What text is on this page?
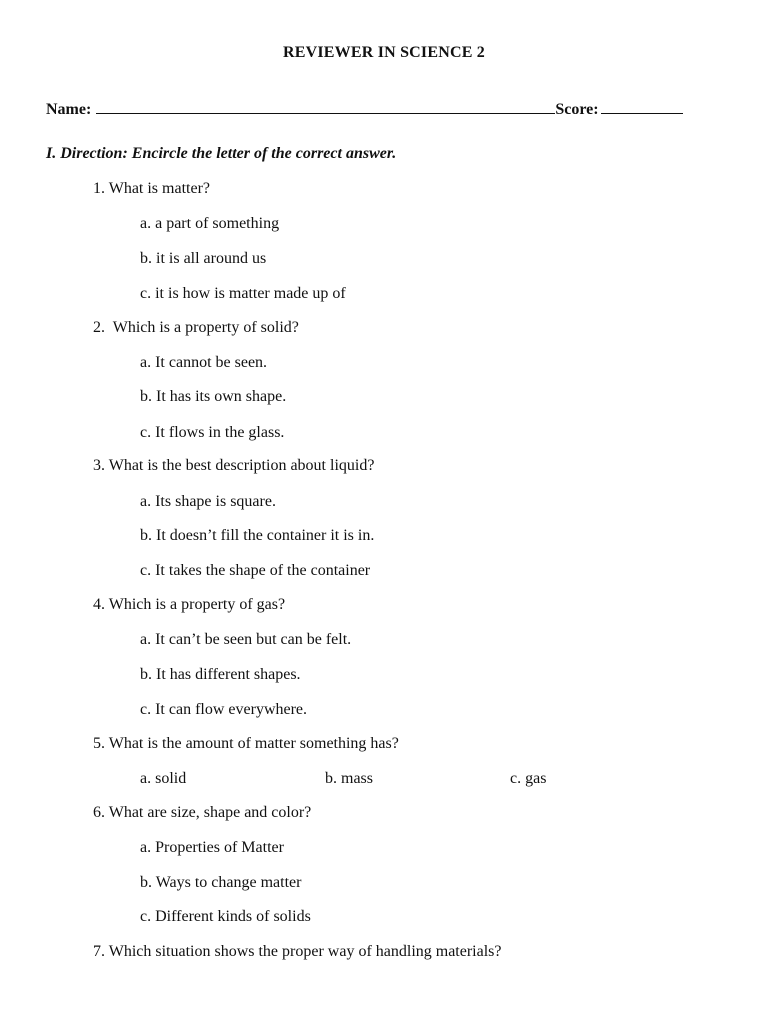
REVIEWER IN SCIENCE 2
Name:	Score:
I. Direction: Encircle the letter of the correct answer.
1. What is matter?
a. a part of something
b. it is all around us
c. it is how is matter made up of
2.  Which is a property of solid?
a. It cannot be seen.
b. It has its own shape.
c. It flows in the glass.
3. What is the best description about liquid?
a. Its shape is square.
b. It doesn’t fill the container it is in.
c. It takes the shape of the container
4. Which is a property of gas?
a. It can’t be seen but can be felt.
b. It has different shapes.
c. It can flow everywhere.
5. What is the amount of matter something has?
a. solid	b. mass	c. gas
6. What are size, shape and color?
a. Properties of Matter
b. Ways to change matter
c. Different kinds of solids
7. Which situation shows the proper way of handling materials?
